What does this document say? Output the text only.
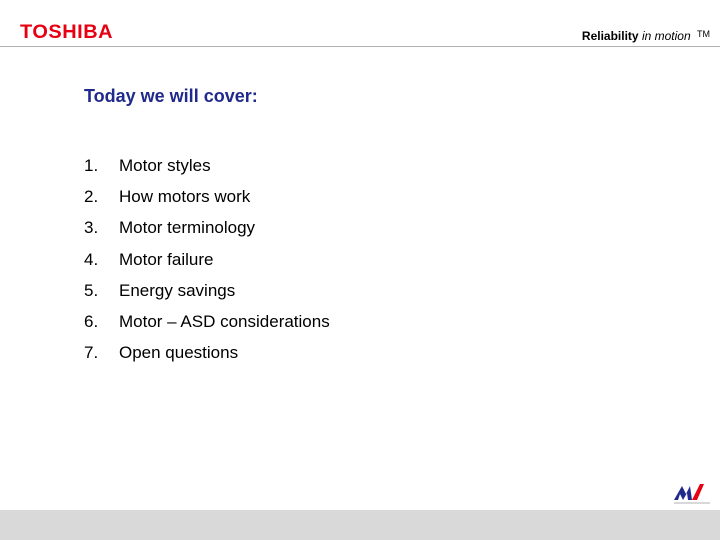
TOSHIBA	Reliability in motion ™
Today we will cover:
1.	Motor styles
2.	How motors work
3.	Motor terminology
4.	Motor failure
5.	Energy savings
6.	Motor – ASD considerations
7.	Open questions
